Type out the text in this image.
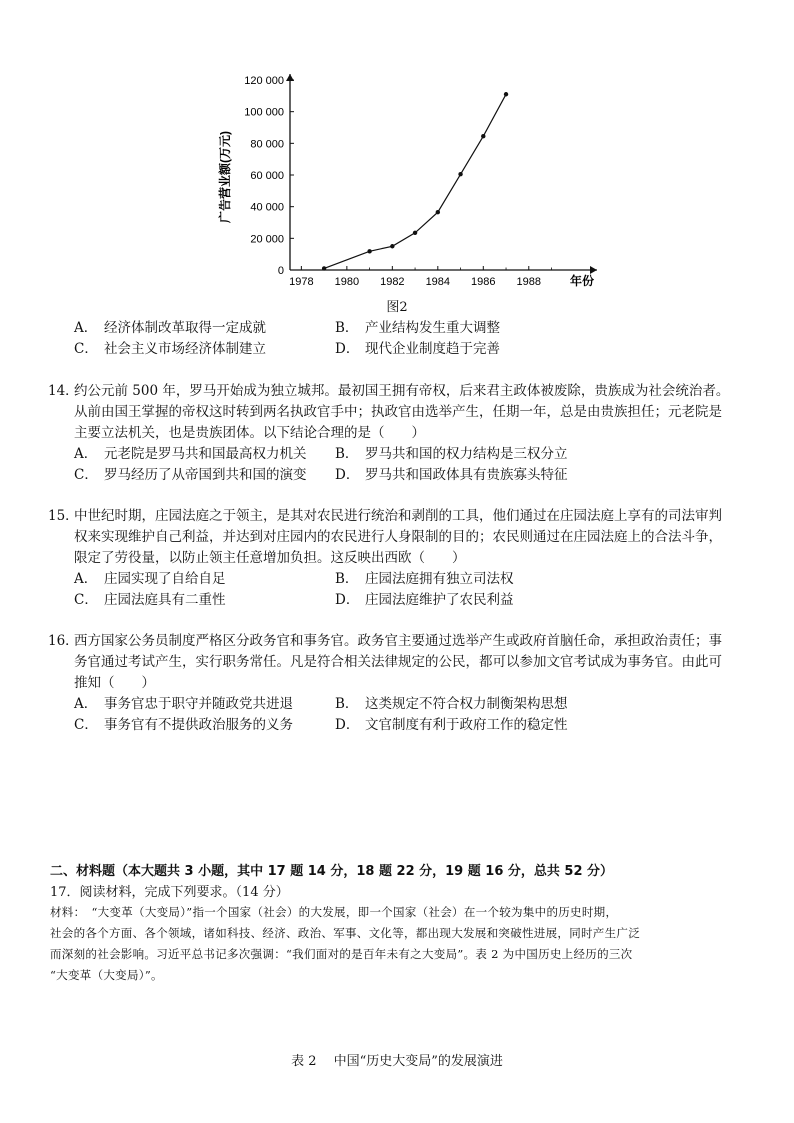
0
20 000
40 000
60 000
80 000
100 000
120 000
1978 1980 1982 1984 1986 1988
广告营业额(万元)
年份
图2
A． 经济体制改革取得一定成就	B． 产业结构发生重大调整
C． 社会主义市场经济体制建立	D． 现代企业制度趋于完善
14．
约公元前 500 年，罗马开始成为独立城邦。最初国王拥有帝权，后来君主政体被废除，贵族成为社会统治者。
从前由国王掌握的帝权这时转到两名执政官手中；执政官由选举产生，任期一年，总是由贵族担任；元老院是
主要立法机关，也是贵族团体。以下结论合理的是（　　）
A． 元老院是罗马共和国最高权力机关 B． 罗马共和国的权力结构是三权分立
C． 罗马经历了从帝国到共和国的演变 D． 罗马共和国政体具有贵族寡头特征
15．
中世纪时期，庄园法庭之于领主，是其对农民进行统治和剥削的工具，他们通过在庄园法庭上享有的司法审判
权来实现维护自己利益，并达到对庄园内的农民进行人身限制的目的；农民则通过在庄园法庭上的合法斗争，
限定了劳役量，以防止领主任意增加负担。这反映出西欧（　　）
A． 庄园实现了自给自足	B． 庄园法庭拥有独立司法权
C． 庄园法庭具有二重性	D． 庄园法庭维护了农民利益
16．
西方国家公务员制度严格区分政务官和事务官。政务官主要通过选举产生或政府首脑任命，承担政治责任；事
务官通过考试产生，实行职务常任。凡是符合相关法律规定的公民，都可以参加文官考试成为事务官。由此可
推知（　　）
A． 事务官忠于职守并随政党共进退	B． 这类规定不符合权力制衡架构思想
C． 事务官有不提供政治服务的义务	D． 文官制度有利于政府工作的稳定性
二、材料题（本大题共 3 小题，其中 17 题 14 分，18 题 22 分，19 题 16 分，总共 52 分）
17．阅读材料，完成下列要求。（14 分）
材料：　“大变革（大变局）”指一个国家（社会）的大发展，即一个国家（社会）在一个较为集中的历史时期，
社会的各个方面、各个领域，诸如科技、经济、政治、军事、文化等，都出现大发展和突破性进展，同时产生广泛
而深刻的社会影响。习近平总书记多次强调：“我们面对的是百年未有之大变局”。表 2 为中国历史上经历的三次
“大变革（大变局）”。
表 2　 中国“历史大变局”的发展演进
